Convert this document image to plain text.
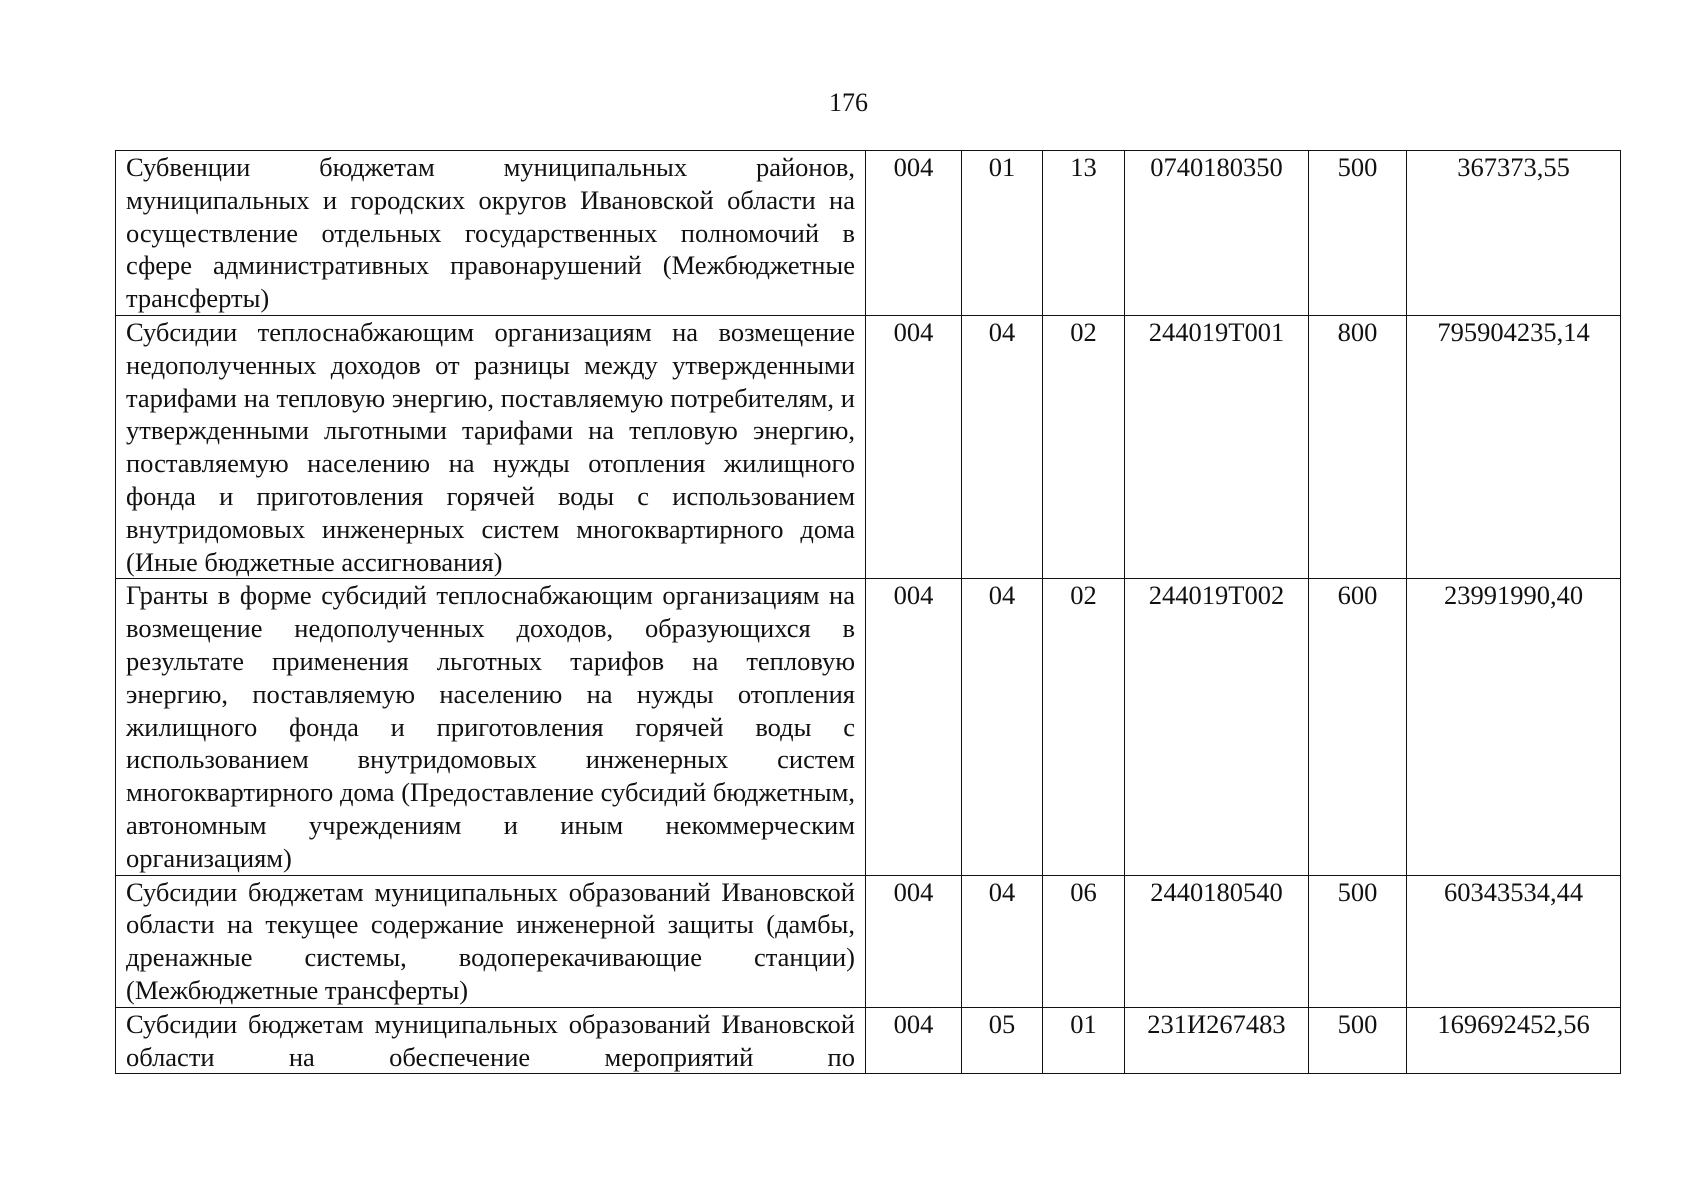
176
Субвенции бюджетам муниципальных районов, муниципальных и городских округов Ивановской области на осуществление отдельных государственных полномочий в сфере административных правонарушений (Межбюджетные трансферты)	004	01	13	0740180350	500	367373,55
Субсидии теплоснабжающим организациям на возмещение недополученных доходов от разницы между утвержденными тарифами на тепловую энергию, поставляемую потребителям, и утвержденными льготными тарифами на тепловую энергию, поставляемую населению на нужды отопления жилищного фонда и приготовления горячей воды с использованием внутридомовых инженерных систем многоквартирного дома (Иные бюджетные ассигнования)	004	04	02	244019Т001	800	795904235,14
Гранты в форме субсидий теплоснабжающим организациям на возмещение недополученных доходов, образующихся в результате применения льготных тарифов на тепловую энергию, поставляемую населению на нужды отопления жилищного фонда и приготовления горячей воды с использованием внутридомовых инженерных систем многоквартирного дома (Предоставление субсидий бюджетным, автономным учреждениям и иным некоммерческим организациям)	004	04	02	244019Т002	600	23991990,40
Субсидии бюджетам муниципальных образований Ивановской области на текущее содержание инженерной защиты (дамбы, дренажные системы, водоперекачивающие станции) (Межбюджетные трансферты)	004	04	06	2440180540	500	60343534,44
Субсидии бюджетам муниципальных образований Ивановской области на обеспечение мероприятий по	004	05	01	231И267483	500	169692452,56
